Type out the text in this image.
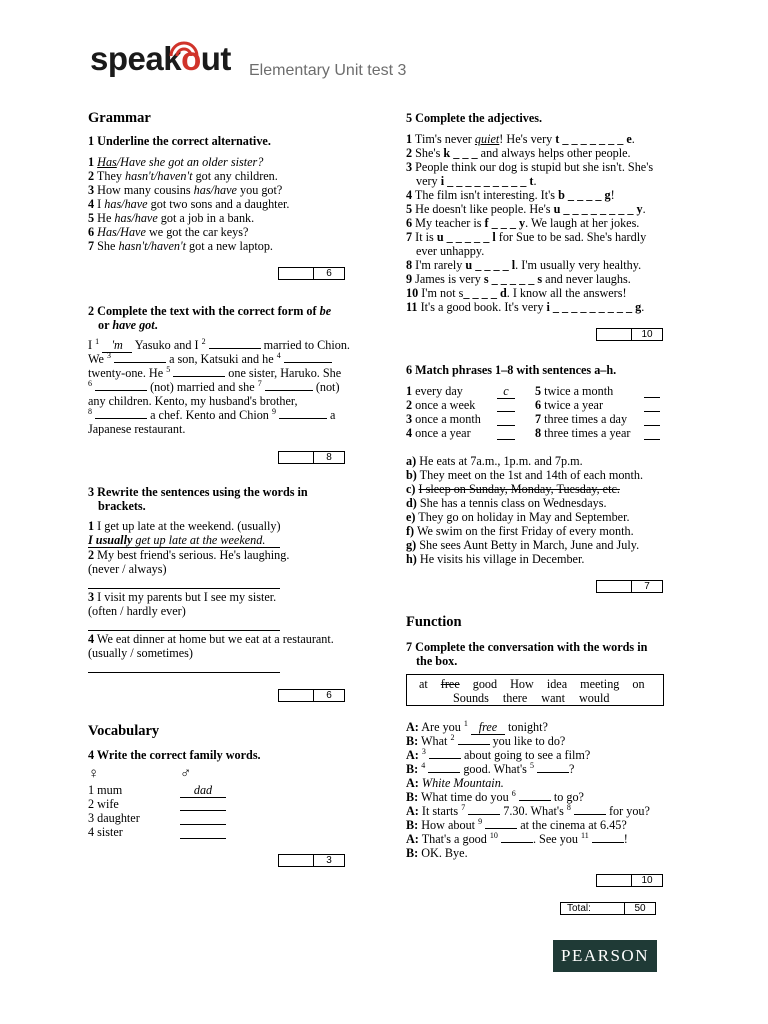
speakout Elementary Unit test 3
Grammar
1 Underline the correct alternative.
1 Has/Have she got an older sister?
2 They hasn't/haven't got any children.
3 How many cousins has/have you got?
4 I has/have got two sons and a daughter.
5 He has/have got a job in a bank.
6 Has/Have we got the car keys?
7 She hasn't/haven't got a new laptop.
6
2 Complete the text with the correct form of be
or have got.
I $^1$ 'm Yasuko and I $^2$	married to Chion.
We $^3$	a son, Katsuki and he $^4$
twenty-one. He $^5$	one sister, Haruko. She
$^6$	(not) married and she $^7$	(not)
any children. Kento, my husband's brother,
$^8$	a chef. Kento and Chion $^9$	a
Japanese restaurant.
8
3 Rewrite the sentences using the words in
brackets.
1 I get up late at the weekend. (usually)
I usually get up late at the weekend.
2 My best friend's serious. He's laughing.
(never / always)
3 I visit my parents but I see my sister.
(often / hardly ever)
4 We eat dinner at home but we eat at a restaurant.
(usually / sometimes)
6
Vocabulary
4 Write the correct family words.
♀	♂
1 mum	dad
2 wife
3 daughter
4 sister
3
5 Complete the adjectives.
1 Tim's never quiet! He's very t _ _ _ _ _ _ _ e.
2 She's k _ _ _ and always helps other people.
3 People think our dog is stupid but she isn't. She's
very i _ _ _ _ _ _ _ _ _ t.
4 The film isn't interesting. It's b _ _ _ _ g!
5 He doesn't like people. He's u _ _ _ _ _ _ _ _ y.
6 My teacher is f _ _ _ y. We laugh at her jokes.
7 It is u _ _ _ _ _ l for Sue to be sad. She's hardly
ever unhappy.
8 I'm rarely u _ _ _ _ l. I'm usually very healthy.
9 James is very s _ _ _ _ _ s and never laughs.
10 I'm not s_ _ _ _ d. I know all the answers!
11 It's a good book. It's very i _ _ _ _ _ _ _ _ _ g.
10
6 Match phrases 1–8 with sentences a–h.
1 every day	c	5 twice a month
2 once a week	6 twice a year
3 once a month	7 three times a day
4 once a year	8 three times a year
a) He eats at 7a.m., 1p.m. and 7p.m.
b) They meet on the 1st and 14th of each month.
c) I sleep on Sunday, Monday, Tuesday, etc.
d) She has a tennis class on Wednesdays.
e) They go on holiday in May and September.
f) We swim on the first Friday of every month.
g) She sees Aunt Betty in March, June and July.
h) He visits his village in December.
7
Function
7 Complete the conversation with the words in
the box.
at free good How idea meeting on
Sounds there want would
A: Are you $^1$ free tonight?
B: What $^2$	you like to do?
A: $^3$	about going to see a film?
B: $^4$	good. What's $^5$	?
A: White Mountain.
B: What time do you $^6$	to go?
A: It starts $^7$	7.30. What's $^8$	for you?
B: How about $^9$	at the cinema at 6.45?
A: That's a good $^{10}$	. See you $^{11}$	!
B: OK. Bye.
10
Total:	50
PEARSON
